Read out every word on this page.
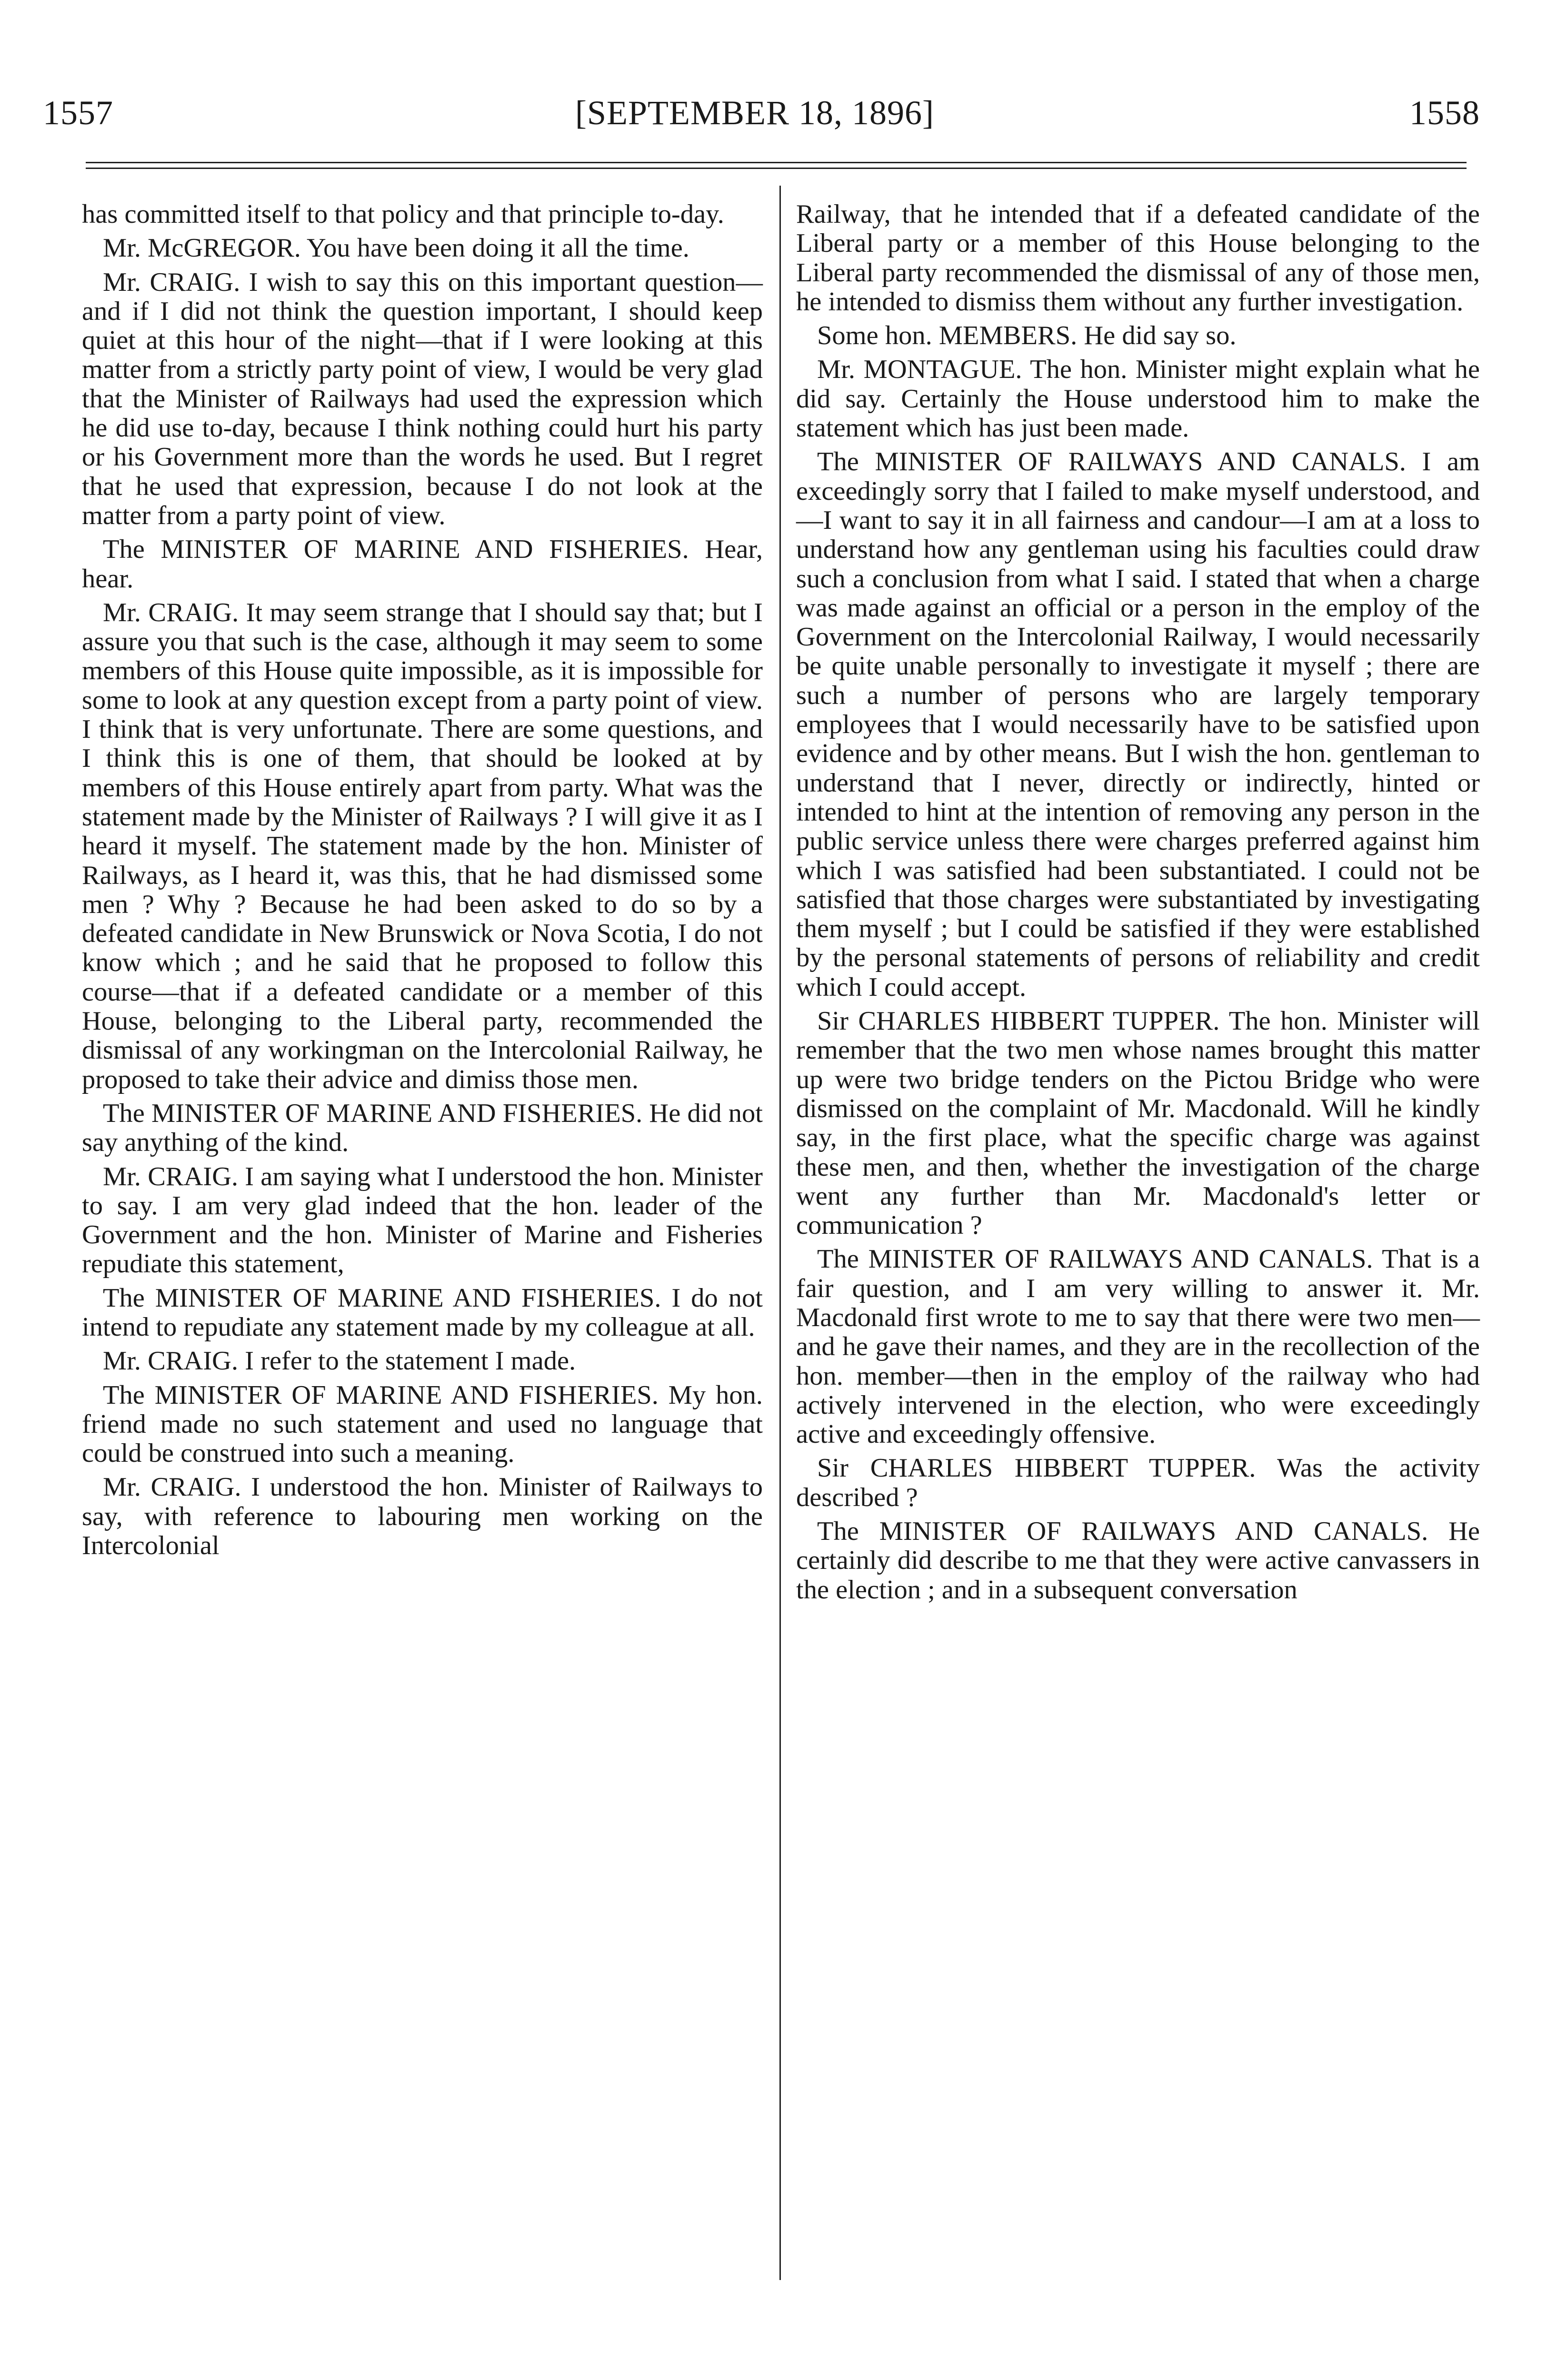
1557	[SEPTEMBER 18, 1896]	1558

has committed itself to that policy and that principle to-day.

Mr. McGREGOR. You have been doing it all the time.

Mr. CRAIG. I wish to say this on this important question—and if I did not think the question important, I should keep quiet at this hour of the night—that if I were looking at this matter from a strictly party point of view, I would be very glad that the Minister of Railways had used the expression which he did use to-day, because I think nothing could hurt his party or his Government more than the words he used. But I regret that he used that expression, because I do not look at the matter from a party point of view.

The MINISTER OF MARINE AND FISHERIES. Hear, hear.

Mr. CRAIG. It may seem strange that I should say that; but I assure you that such is the case, although it may seem to some members of this House quite impossible, as it is impossible for some to look at any question except from a party point of view. I think that is very unfortunate. There are some questions, and I think this is one of them, that should be looked at by members of this House entirely apart from party. What was the statement made by the Minister of Railways ? I will give it as I heard it myself. The statement made by the hon. Minister of Railways, as I heard it, was this, that he had dismissed some men ? Why ? Because he had been asked to do so by a defeated candidate in New Brunswick or Nova Scotia, I do not know which ; and he said that he proposed to follow this course—that if a defeated candidate or a member of this House, belonging to the Liberal party, recommended the dismissal of any workingman on the Intercolonial Railway, he proposed to take their advice and dimiss those men.

The MINISTER OF MARINE AND FISHERIES. He did not say anything of the kind.

Mr. CRAIG. I am saying what I understood the hon. Minister to say. I am very glad indeed that the hon. leader of the Government and the hon. Minister of Marine and Fisheries repudiate this statement,

The MINISTER OF MARINE AND FISHERIES. I do not intend to repudiate any statement made by my colleague at all.

Mr. CRAIG. I refer to the statement I made.

The MINISTER OF MARINE AND FISHERIES. My hon. friend made no such statement and used no language that could be construed into such a meaning.

Mr. CRAIG. I understood the hon. Minister of Railways to say, with reference to labouring men working on the Intercolonial

Railway, that he intended that if a defeated candidate of the Liberal party or a member of this House belonging to the Liberal party recommended the dismissal of any of those men, he intended to dismiss them without any further investigation.

Some hon. MEMBERS. He did say so.

Mr. MONTAGUE. The hon. Minister might explain what he did say. Certainly the House understood him to make the statement which has just been made.

The MINISTER OF RAILWAYS AND CANALS. I am exceedingly sorry that I failed to make myself understood, and—I want to say it in all fairness and candour—I am at a loss to understand how any gentleman using his faculties could draw such a conclusion from what I said. I stated that when a charge was made against an official or a person in the employ of the Government on the Intercolonial Railway, I would necessarily be quite unable personally to investigate it myself ; there are such a number of persons who are largely temporary employees that I would necessarily have to be satisfied upon evidence and by other means. But I wish the hon. gentleman to understand that I never, directly or indirectly, hinted or intended to hint at the intention of removing any person in the public service unless there were charges preferred against him which I was satisfied had been substantiated. I could not be satisfied that those charges were substantiated by investigating them myself ; but I could be satisfied if they were established by the personal statements of persons of reliability and credit which I could accept.

Sir CHARLES HIBBERT TUPPER. The hon. Minister will remember that the two men whose names brought this matter up were two bridge tenders on the Pictou Bridge who were dismissed on the complaint of Mr. Macdonald. Will he kindly say, in the first place, what the specific charge was against these men, and then, whether the investigation of the charge went any further than Mr. Macdonald's letter or communication ?

The MINISTER OF RAILWAYS AND CANALS. That is a fair question, and I am very willing to answer it. Mr. Macdonald first wrote to me to say that there were two men—and he gave their names, and they are in the recollection of the hon. member—then in the employ of the railway who had actively intervened in the election, who were exceedingly active and exceedingly offensive.

Sir CHARLES HIBBERT TUPPER. Was the activity described ?

The MINISTER OF RAILWAYS AND CANALS. He certainly did describe to me that they were active canvassers in the election ; and in a subsequent conversation
